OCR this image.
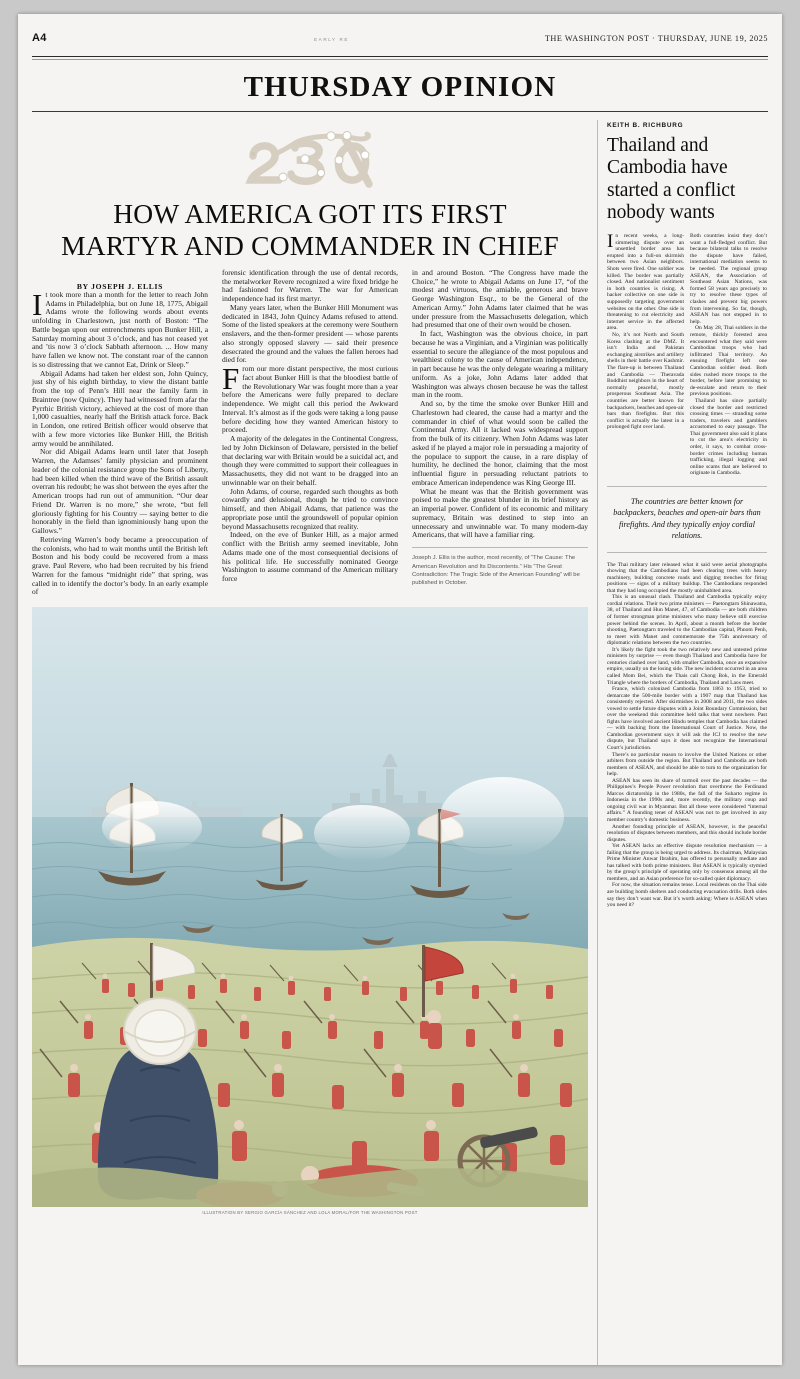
A4	EARLY RE	THE WASHINGTON POST · THURSDAY, JUNE 19, 2025
THURSDAY OPINION
HOW AMERICA GOT ITS FIRST
MARTYR AND COMMANDER IN CHIEF
BY JOSEPH J. ELLIS

It took more than a month for the letter to reach John Adams in Philadelphia, but on June 18, 1775, Abigail Adams wrote the following words about events unfolding in Charlestown, just north of Boston: “The Battle began upon our entrenchments upon Bunker Hill, a Saturday morning about 3 o’clock, and has not ceased yet and ’tis now 3 o’clock Sabbath afternoon. ... How many have fallen we know not. The constant roar of the cannon is so distressing that we cannot Eat, Drink or Sleep.”

Abigail Adams had taken her eldest son, John Quincy, just shy of his eighth birthday, to view the distant battle from the top of Penn’s Hill near the family farm in Braintree (now Quincy). They had witnessed from afar the Pyrrhic British victory, achieved at the cost of more than 1,000 casualties, nearly half the British attack force. Back in London, one retired British officer would observe that with a few more victories like Bunker Hill, the British army would be annihilated.

Nor did Abigail Adams learn until later that Joseph Warren, the Adamses’ family physician and prominent leader of the colonial resistance group the Sons of Liberty, had been killed when the third wave of the British assault overran his redoubt; he was shot between the eyes after the American troops had run out of ammunition. “Our dear Friend Dr. Warren is no more,” she wrote, “but fell gloriously fighting for his Country — saying better to die honorably in the field than ignominiously hang upon the Gallows.”

Retrieving Warren’s body became a preoccupation of the colonists, who had to wait months until the British left Boston and his body could be recovered from a mass grave. Paul Revere, who had been recruited by his friend Warren for the famous “midnight ride” that spring, was called in to identify the doctor’s body. In an early example of

forensic identification through the use of dental records, the metalworker Revere recognized a wire fixed bridge he had fashioned for Warren. The war for American independence had its first martyr.

Many years later, when the Bunker Hill Monument was dedicated in 1843, John Quincy Adams refused to attend. Some of the listed speakers at the ceremony were Southern enslavers, and the then-former president — whose parents also strongly opposed slavery — said their presence desecrated the ground and the values the fallen heroes had died for.

From our more distant perspective, the most curious fact about Bunker Hill is that the bloodiest battle of the Revolutionary War was fought more than a year before the Americans were fully prepared to declare independence. We might call this period the Awkward Interval. It’s almost as if the gods were taking a long pause before deciding how they wanted American history to proceed.

A majority of the delegates in the Continental Congress, led by John Dickinson of Delaware, persisted in the belief that declaring war with Britain would be a suicidal act, and though they were committed to support their colleagues in Massachusetts, they did not want to be dragged into an unwinnable war on their behalf.

John Adams, of course, regarded such thoughts as both cowardly and delusional, though he tried to convince himself, and then Abigail Adams, that patience was the appropriate pose until the groundswell of popular opinion beyond Massachusetts recognized that reality.

Indeed, on the eve of Bunker Hill, as a major armed conflict with the British army seemed inevitable, John Adams made one of the most consequential decisions of his political life. He successfully nominated George Washington to assume command of the American military force

in and around Boston. “The Congress have made the Choice,” he wrote to Abigail Adams on June 17, “of the modest and virtuous, the amiable, generous and brave George Washington Esqr., to be the General of the American Army.” John Adams later claimed that he was under pressure from the Massachusetts delegation, which had presumed that one of their own would be chosen.

In fact, Washington was the obvious choice, in part because he was a Virginian, and a Virginian was politically essential to secure the allegiance of the most populous and wealthiest colony to the cause of American independence, in part because he was the only delegate wearing a military uniform. As a joke, John Adams later added that Washington was always chosen because he was the tallest man in the room.

And so, by the time the smoke over Bunker Hill and Charlestown had cleared, the cause had a martyr and the commander in chief of what would soon be called the Continental Army. All it lacked was widespread support from the bulk of its citizenry. When John Adams was later asked if he played a major role in persuading a majority of the populace to support the cause, in a rare display of humility, he declined the honor, claiming that the most influential figure in persuading reluctant patriots to embrace American independence was King George III.

What he meant was that the British government was poised to make the greatest blunder in its brief history as an imperial power. Confident of its economic and military supremacy, Britain was destined to step into an unnecessary and unwinnable war. To many modern-day Americans, that will have a familiar ring.

Joseph J. Ellis is the author, most recently, of “The Cause: The American Revolution and Its Discontents.” His “The Great Contradiction: The Tragic Side of the American Founding” will be published in October.
ILLUSTRATION BY SERGIO GARCÍA SÁNCHEZ AND LOLA MORAL/FOR THE WASHINGTON POST
KEITH B. RICHBURG
Thailand and Cambodia have started a conflict nobody wants

In recent weeks, a long-simmering dispute over an unsettled border area has erupted into a full-on skirmish between two Asian neighbors. Shots were fired. One soldier was killed. The border was partially closed. And nationalist sentiment in both countries is rising. A hacker collective on one side is supposedly targeting government websites on the other. One side is threatening to cut electricity and internet service in the affected area.

No, it’s not North and South Korea clashing at the DMZ. It isn’t India and Pakistan exchanging airstrikes and artillery shells in their battle over Kashmir. The flare-up is between Thailand and Cambodia — Theravada Buddhist neighbors in the heart of normally peaceful, mostly prosperous Southeast Asia. The countries are better known for backpackers, beaches and open-air bars than firefights. But this conflict is actually the latest in a prolonged fight over land.

Both countries insist they don’t want a full-fledged conflict. But because bilateral talks to resolve the dispute have failed, international mediation seems to be needed. The regional group ASEAN, the Association of Southeast Asian Nations, was formed 58 years ago precisely to try to resolve these types of clashes and prevent big powers from intervening. So far, though, ASEAN has not stepped in to help.

On May 28, Thai soldiers in the remote, thickly forested area encountered what they said were Cambodian troops who had infiltrated Thai territory. An ensuing firefight left one Cambodian soldier dead. Both sides rushed more troops to the border, before later promising to de-escalate and return to their previous positions.

Thailand has since partially closed the border and restricted crossing times — stranding some traders, travelers and gamblers accustomed to easy passage. The Thai government also said it plans to cut the area’s electricity in order, it says, to combat cross-border crimes including human trafficking, illegal logging and online scams that are believed to originate in Cambodia.

The countries are better known for backpackers, beaches and open-air bars than firefights. And they typically enjoy cordial relations.

The Thai military later released what it said were aerial photographs showing that the Cambodians had been clearing trees with heavy machinery, building concrete roads and digging trenches for firing positions — signs of a military buildup. The Cambodians responded that they had long occupied the mostly uninhabited area.

This is an unusual clash. Thailand and Cambodia typically enjoy cordial relations. Their two prime ministers — Paetongtarn Shinawatra, 38, of Thailand and Hun Manet, 47, of Cambodia — are both children of former strongman prime ministers who many believe still exercise power behind the scenes. In April, about a month before the border shooting, Paetongtarn traveled to the Cambodian capital, Phnom Penh, to meet with Manet and commemorate the 75th anniversary of diplomatic relations between the two countries.

It’s likely the fight took the two relatively new and untested prime ministers by surprise — even though Thailand and Cambodia have for centuries clashed over land, with smaller Cambodia, once an expansive empire, usually on the losing side. The new incident occurred in an area called Mom Bei, which the Thais call Chong Bok, in the Emerald Triangle where the borders of Cambodia, Thailand and Laos meet.

France, which colonized Cambodia from 1863 to 1953, tried to demarcate the 500-mile border with a 1907 map that Thailand has consistently rejected. After skirmishes in 2008 and 2011, the two sides vowed to settle future disputes with a Joint Boundary Commission, but over the weekend this committee held talks that went nowhere. Past fights have involved ancient Hindu temples that Cambodia has claimed — with backing from the International Court of Justice. Now, the Cambodian government says it will ask the ICJ to resolve the new dispute, but Thailand says it does not recognize the International Court’s jurisdiction.

There’s no particular reason to involve the United Nations or other arbiters from outside the region. But Thailand and Cambodia are both members of ASEAN, and should be able to turn to the organization for help.

ASEAN has seen its share of turmoil over the past decades — the Philippines’s People Power revolution that overthrew the Ferdinand Marcos dictatorship in the 1980s, the fall of the Suharto regime in Indonesia in the 1990s and, more recently, the military coup and ongoing civil war in Myanmar. But all these were considered “internal affairs.” A founding tenet of ASEAN was not to get involved in any member country’s domestic business.

Another founding principle of ASEAN, however, is the peaceful resolution of disputes between members, and this should include border disputes.

Yet ASEAN lacks an effective dispute resolution mechanism — a failing that the group is being urged to address. Its chairman, Malaysian Prime Minister Anwar Ibrahim, has offered to personally mediate and has talked with both prime ministers. But ASEAN is typically stymied by the group’s principle of operating only by consensus among all the members, and an Asian preference for so-called quiet diplomacy.

For now, the situation remains tense. Local residents on the Thai side are building bomb shelters and conducting evacuation drills. Both sides say they don’t want war. But it’s worth asking: Where is ASEAN when you need it?
